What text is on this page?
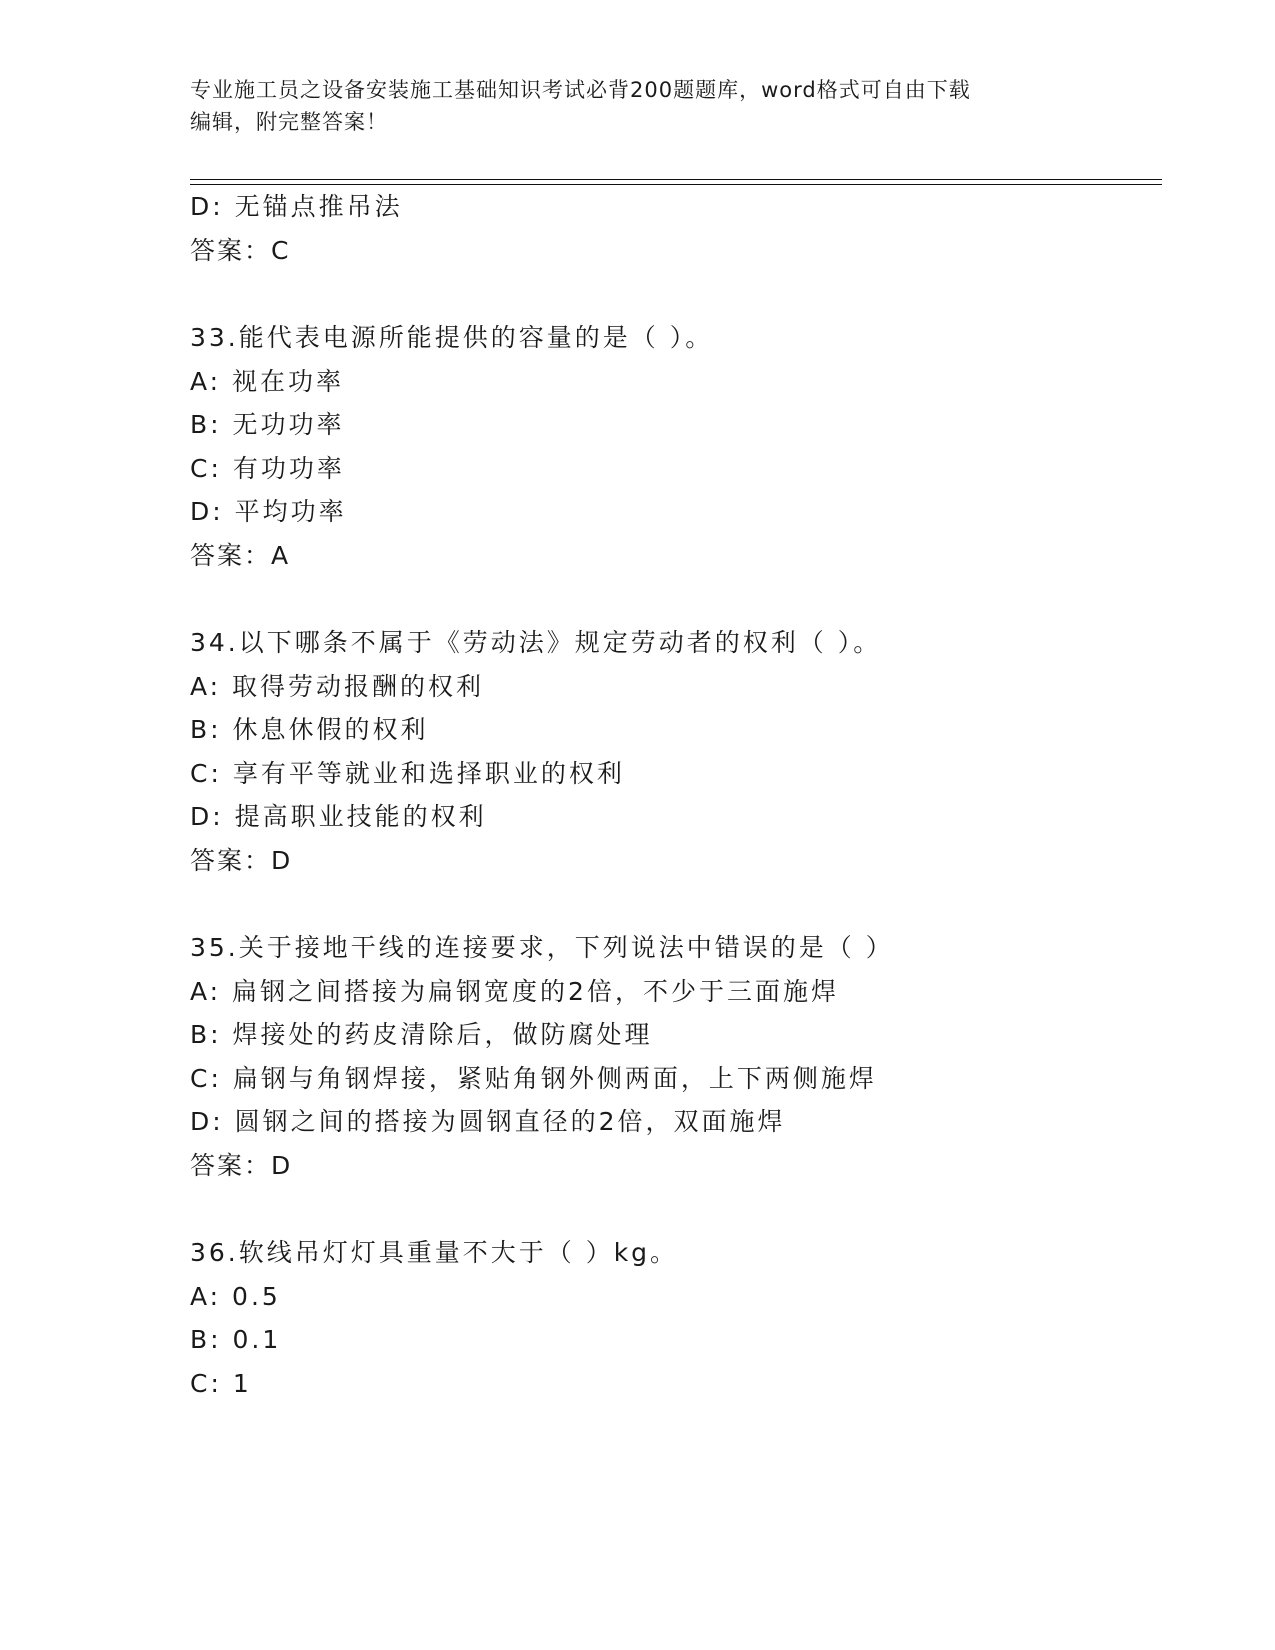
专业施工员之设备安装施工基础知识考试必背200题题库，word格式可自由下载
编辑，附完整答案！
D: 无锚点推吊法
答案：C
33.能代表电源所能提供的容量的是（ ）。
A: 视在功率
B: 无功功率
C: 有功功率
D: 平均功率
答案：A
34.以下哪条不属于《劳动法》规定劳动者的权利（ ）。
A: 取得劳动报酬的权利
B: 休息休假的权利
C: 享有平等就业和选择职业的权利
D: 提高职业技能的权利
答案：D
35.关于接地干线的连接要求，下列说法中错误的是（ ）
A: 扁钢之间搭接为扁钢宽度的2倍，不少于三面施焊
B: 焊接处的药皮清除后，做防腐处理
C: 扁钢与角钢焊接，紧贴角钢外侧两面，上下两侧施焊
D: 圆钢之间的搭接为圆钢直径的2倍，双面施焊
答案：D
36.软线吊灯灯具重量不大于（ ）kg。
A: 0.5
B: 0.1
C: 1
